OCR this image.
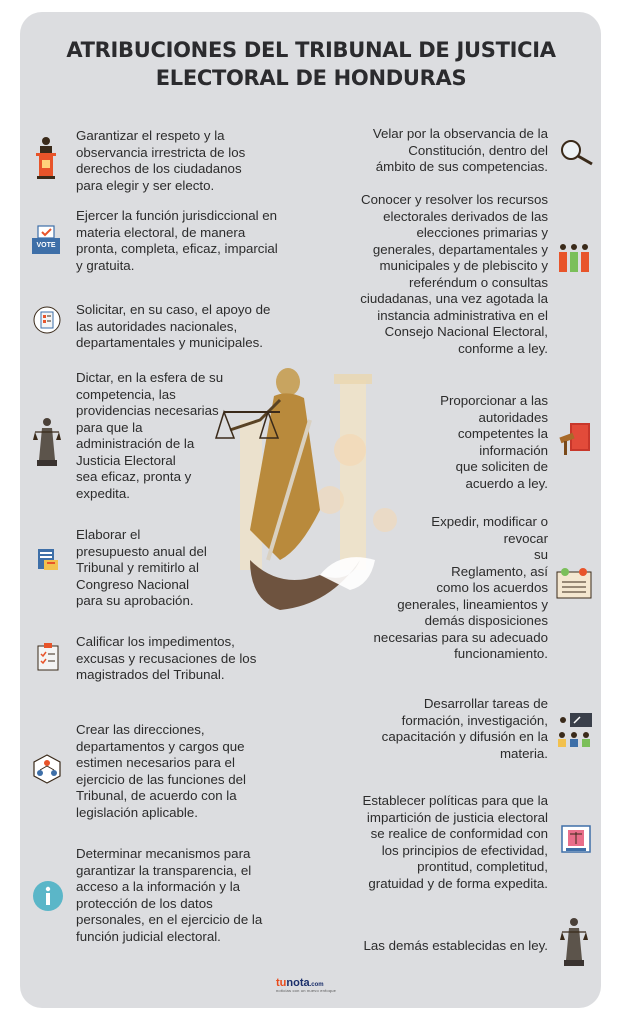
ATRIBUCIONES DEL TRIBUNAL DE JUSTICIA
ELECTORAL DE HONDURAS
VOTE

Garantizar el respeto y la
observancia irrestricta de los
derechos de los ciudadanos
para elegir y ser electo.

Ejercer la función jurisdiccional en
materia electoral, de manera
pronta, completa, eficaz, imparcial
y gratuita.

Solicitar, en su caso, el apoyo de
las autoridades nacionales,
departamentales y municipales.

Dictar, en la esfera de su
competencia, las
providencias necesarias
para que la
administración de la
Justicia Electoral
sea eficaz, pronta y
expedita.

Elaborar el
presupuesto anual del
Tribunal y remitirlo al
Congreso Nacional
para su aprobación.

Calificar los impedimentos,
excusas y recusaciones de los
magistrados del Tribunal.

Crear las direcciones,
departamentos y cargos que
estimen necesarios para el
ejercicio de las funciones del
Tribunal, de acuerdo con la
legislación aplicable.

Determinar mecanismos para
garantizar la transparencia, el
acceso a la información y la
protección de los datos
personales, en el ejercicio de la
función judicial electoral.

Velar por la observancia de la
Constitución, dentro del
ámbito de sus competencias.

Conocer y resolver los recursos
electorales derivados de las
elecciones primarias y
generales, departamentales y
municipales y de plebiscito y
referéndum o consultas
ciudadanas, una vez agotada la
instancia administrativa en el
Consejo Nacional Electoral,
conforme a ley.

Proporcionar a las
autoridades
competentes la
información
que soliciten de
acuerdo a ley.

Expedir, modificar o
revocar
su
Reglamento, así
como los acuerdos
generales, lineamientos y
demás disposiciones
necesarias para su adecuado
funcionamiento.

Desarrollar tareas de
formación, investigación,
capacitación y difusión en la
materia.

Establecer políticas para que la
impartición de justicia electoral
se realice de conformidad con
los principios de efectividad,
prontitud, completitud,
gratuidad y de forma expedita.

Las demás establecidas en ley.

tunota.com
noticias con un nuevo enfoque
